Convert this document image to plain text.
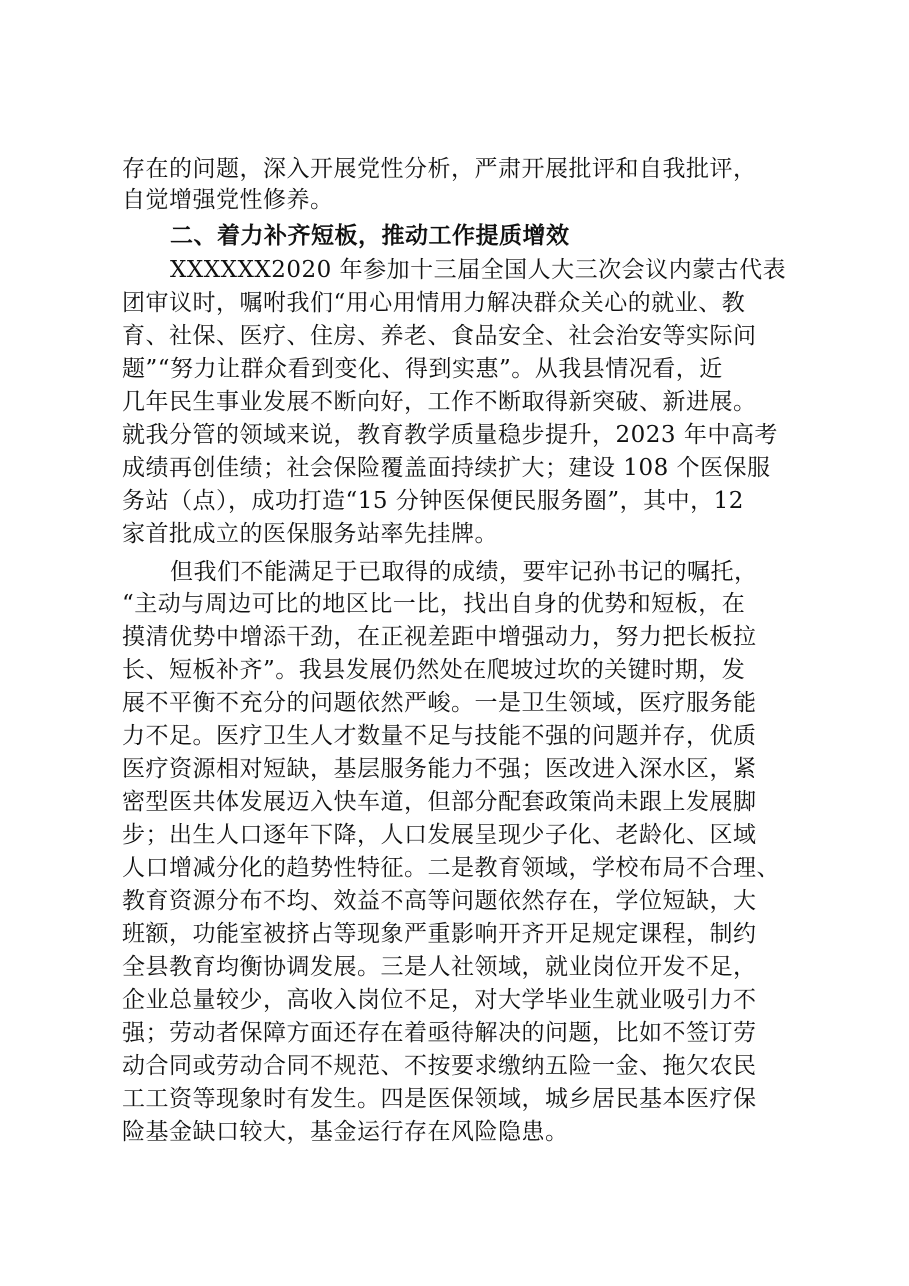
存在的问题，深入开展党性分析，严肃开展批评和自我批评，
自觉增强党性修养。
二、着力补齐短板，推动工作提质增效
XXXXXX2020 年参加十三届全国人大三次会议内蒙古代表
团审议时，嘱咐我们“用心用情用力解决群众关心的就业、教
育、社保、医疗、住房、养老、食品安全、社会治安等实际问
题”“努力让群众看到变化、得到实惠”。从我县情况看，近
几年民生事业发展不断向好，工作不断取得新突破、新进展。
就我分管的领域来说，教育教学质量稳步提升，2023 年中高考
成绩再创佳绩；社会保险覆盖面持续扩大；建设 108 个医保服
务站（点），成功打造“15 分钟医保便民服务圈”，其中，12
家首批成立的医保服务站率先挂牌。
但我们不能满足于已取得的成绩，要牢记孙书记的嘱托，
“主动与周边可比的地区比一比，找出自身的优势和短板，在
摸清优势中增添干劲，在正视差距中增强动力，努力把长板拉
长、短板补齐”。我县发展仍然处在爬坡过坎的关键时期，发
展不平衡不充分的问题依然严峻。一是卫生领域，医疗服务能
力不足。医疗卫生人才数量不足与技能不强的问题并存，优质
医疗资源相对短缺，基层服务能力不强；医改进入深水区，紧
密型医共体发展迈入快车道，但部分配套政策尚未跟上发展脚
步；出生人口逐年下降，人口发展呈现少子化、老龄化、区域
人口增减分化的趋势性特征。二是教育领域，学校布局不合理、
教育资源分布不均、效益不高等问题依然存在，学位短缺，大
班额，功能室被挤占等现象严重影响开齐开足规定课程，制约
全县教育均衡协调发展。三是人社领域，就业岗位开发不足，
企业总量较少，高收入岗位不足，对大学毕业生就业吸引力不
强；劳动者保障方面还存在着亟待解决的问题，比如不签订劳
动合同或劳动合同不规范、不按要求缴纳五险一金、拖欠农民
工工资等现象时有发生。四是医保领域，城乡居民基本医疗保
险基金缺口较大，基金运行存在风险隐患。
